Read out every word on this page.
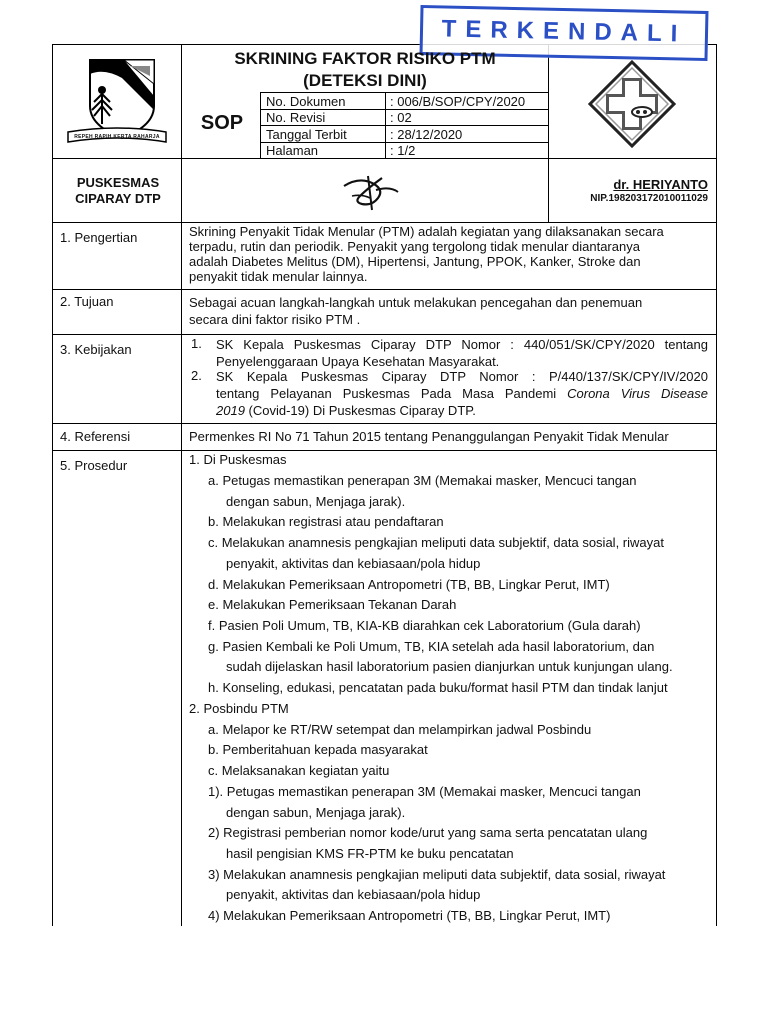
TERKENDALI
REPEH RAPIH KERTA RAHARJA
SKRINING FAKTOR RISIKO PTM
(DETEKSI DINI)
SOP
No. Dokumen	: 006/B/SOP/CPY/2020
No. Revisi	: 02
Tanggal Terbit	: 28/12/2020
Halaman	: 1/2
PUSKESMAS
CIPARAY DTP
dr. HERIYANTO
NIP.198203172010011029
1. Pengertian	Skrining Penyakit Tidak Menular (PTM) adalah kegiatan yang dilaksanakan secara
terpadu, rutin dan periodik. Penyakit yang tergolong tidak menular diantaranya
adalah Diabetes Melitus (DM), Hipertensi, Jantung, PPOK, Kanker, Stroke dan
penyakit tidak menular lainnya.
2. Tujuan	Sebagai acuan langkah-langkah untuk melakukan pencegahan dan penemuan
secara dini faktor risiko PTM .
3. Kebijakan	1. SK Kepala Puskesmas Ciparay DTP Nomor : 440/051/SK/CPY/2020 tentang
Penyelenggaraan Upaya Kesehatan Masyarakat.
2. SK Kepala Puskesmas Ciparay DTP Nomor : P/440/137/SK/CPY/IV/2020
tentang Pelayanan Puskesmas Pada Masa Pandemi Corona Virus Disease
2019 (Covid-19) Di Puskesmas Ciparay DTP.
4. Referensi	Permenkes RI No 71 Tahun 2015 tentang Penanggulangan Penyakit Tidak Menular
5. Prosedur	1. Di Puskesmas
a. Petugas memastikan penerapan 3M (Memakai masker, Mencuci tangan
dengan sabun, Menjaga jarak).
b. Melakukan registrasi atau pendaftaran
c. Melakukan anamnesis pengkajian meliputi data subjektif, data sosial, riwayat
penyakit, aktivitas dan kebiasaan/pola hidup
d. Melakukan Pemeriksaan Antropometri (TB, BB, Lingkar Perut, IMT)
e. Melakukan Pemeriksaan Tekanan Darah
f. Pasien Poli Umum, TB, KIA-KB diarahkan cek Laboratorium (Gula darah)
g. Pasien Kembali ke Poli Umum, TB, KIA setelah ada hasil laboratorium, dan
sudah dijelaskan hasil laboratorium pasien dianjurkan untuk kunjungan ulang.
h. Konseling, edukasi, pencatatan pada buku/format hasil PTM dan tindak lanjut
2. Posbindu PTM
a. Melapor ke RT/RW setempat dan melampirkan jadwal Posbindu
b. Pemberitahuan kepada masyarakat
c. Melaksanakan kegiatan yaitu
1). Petugas memastikan penerapan 3M (Memakai masker, Mencuci tangan
dengan sabun, Menjaga jarak).
2) Registrasi pemberian nomor kode/urut yang sama serta pencatatan ulang
hasil pengisian KMS FR-PTM ke buku pencatatan
3) Melakukan anamnesis pengkajian meliputi data subjektif, data sosial, riwayat
penyakit, aktivitas dan kebiasaan/pola hidup
4) Melakukan Pemeriksaan Antropometri (TB, BB, Lingkar Perut, IMT)
